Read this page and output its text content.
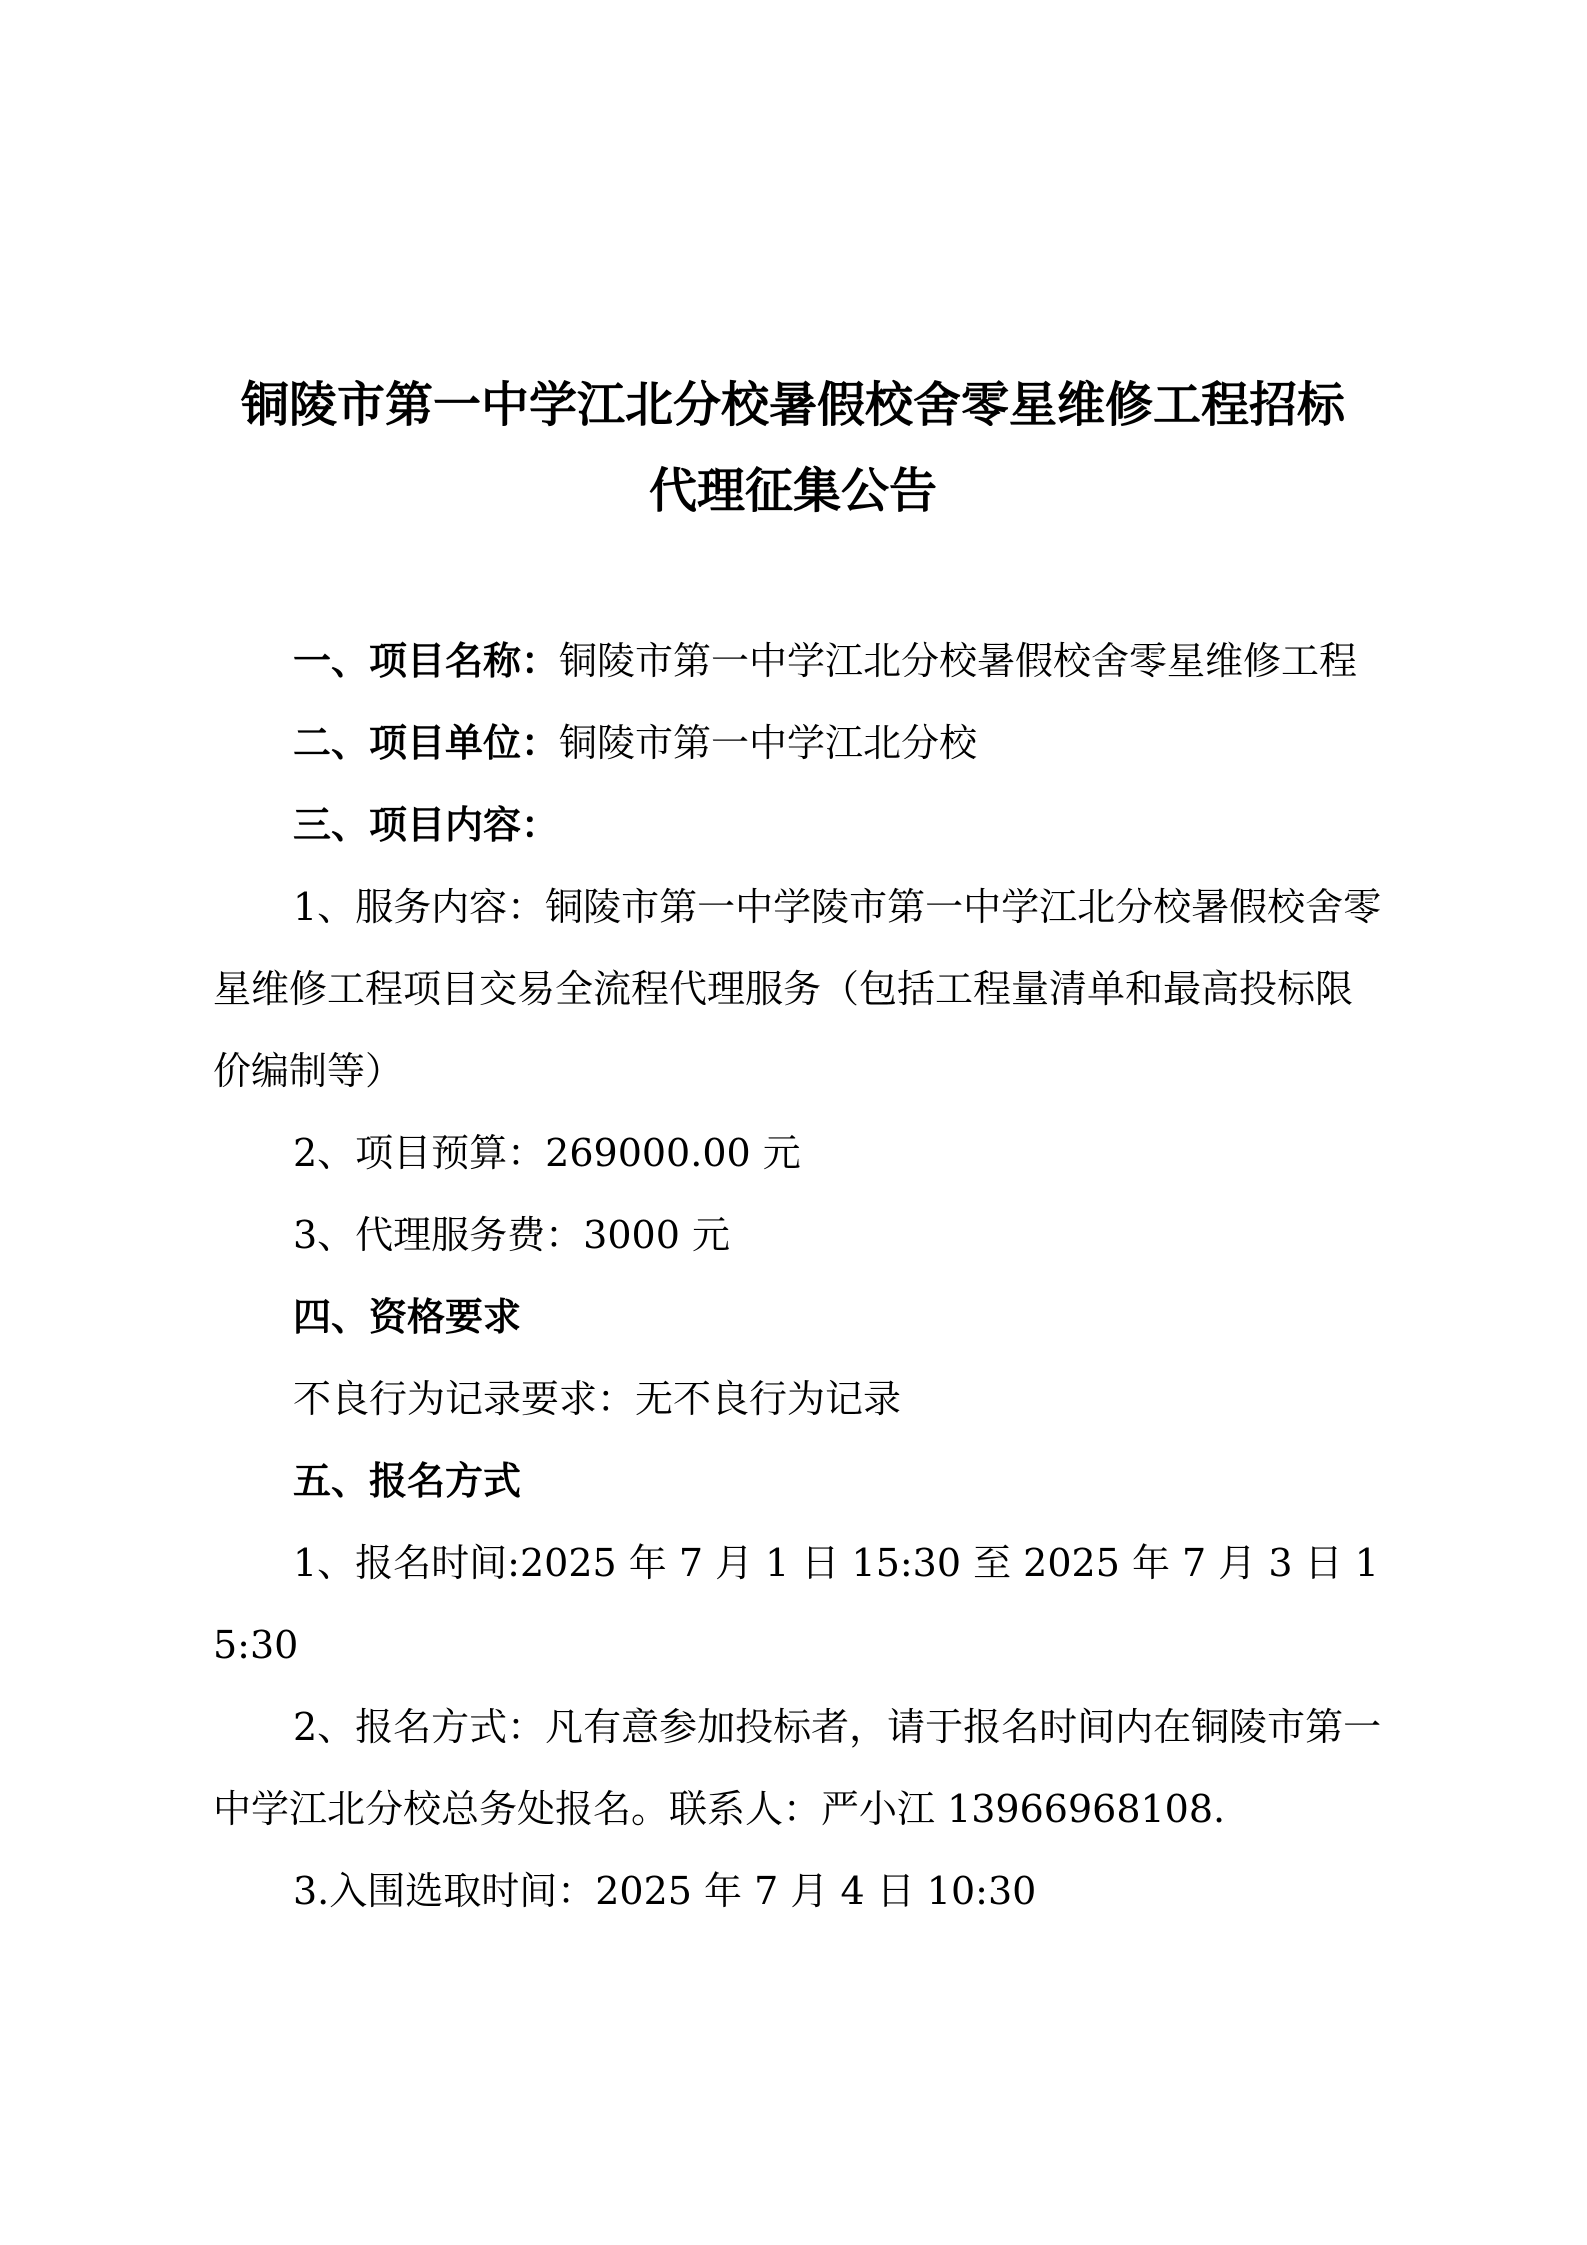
铜陵市第一中学江北分校暑假校舍零星维修工程招标
代理征集公告

一、项目名称：铜陵市第一中学江北分校暑假校舍零星维修工程

二、项目单位：铜陵市第一中学江北分校

三、项目内容：

1、服务内容：铜陵市第一中学陵市第一中学江北分校暑假校舍零星维修工程项目交易全流程代理服务（包括工程量清单和最高投标限价编制等）

2、项目预算：269000.00 元

3、代理服务费：3000 元

四、资格要求

不良行为记录要求：无不良行为记录

五、报名方式

1、报名时间:2025 年 7 月 1 日 15:30 至 2025 年 7 月 3 日 15:30

2、报名方式：凡有意参加投标者，请于报名时间内在铜陵市第一中学江北分校总务处报名。联系人：严小江 13966968108.

3.入围选取时间：2025 年 7 月 4 日 10:30
